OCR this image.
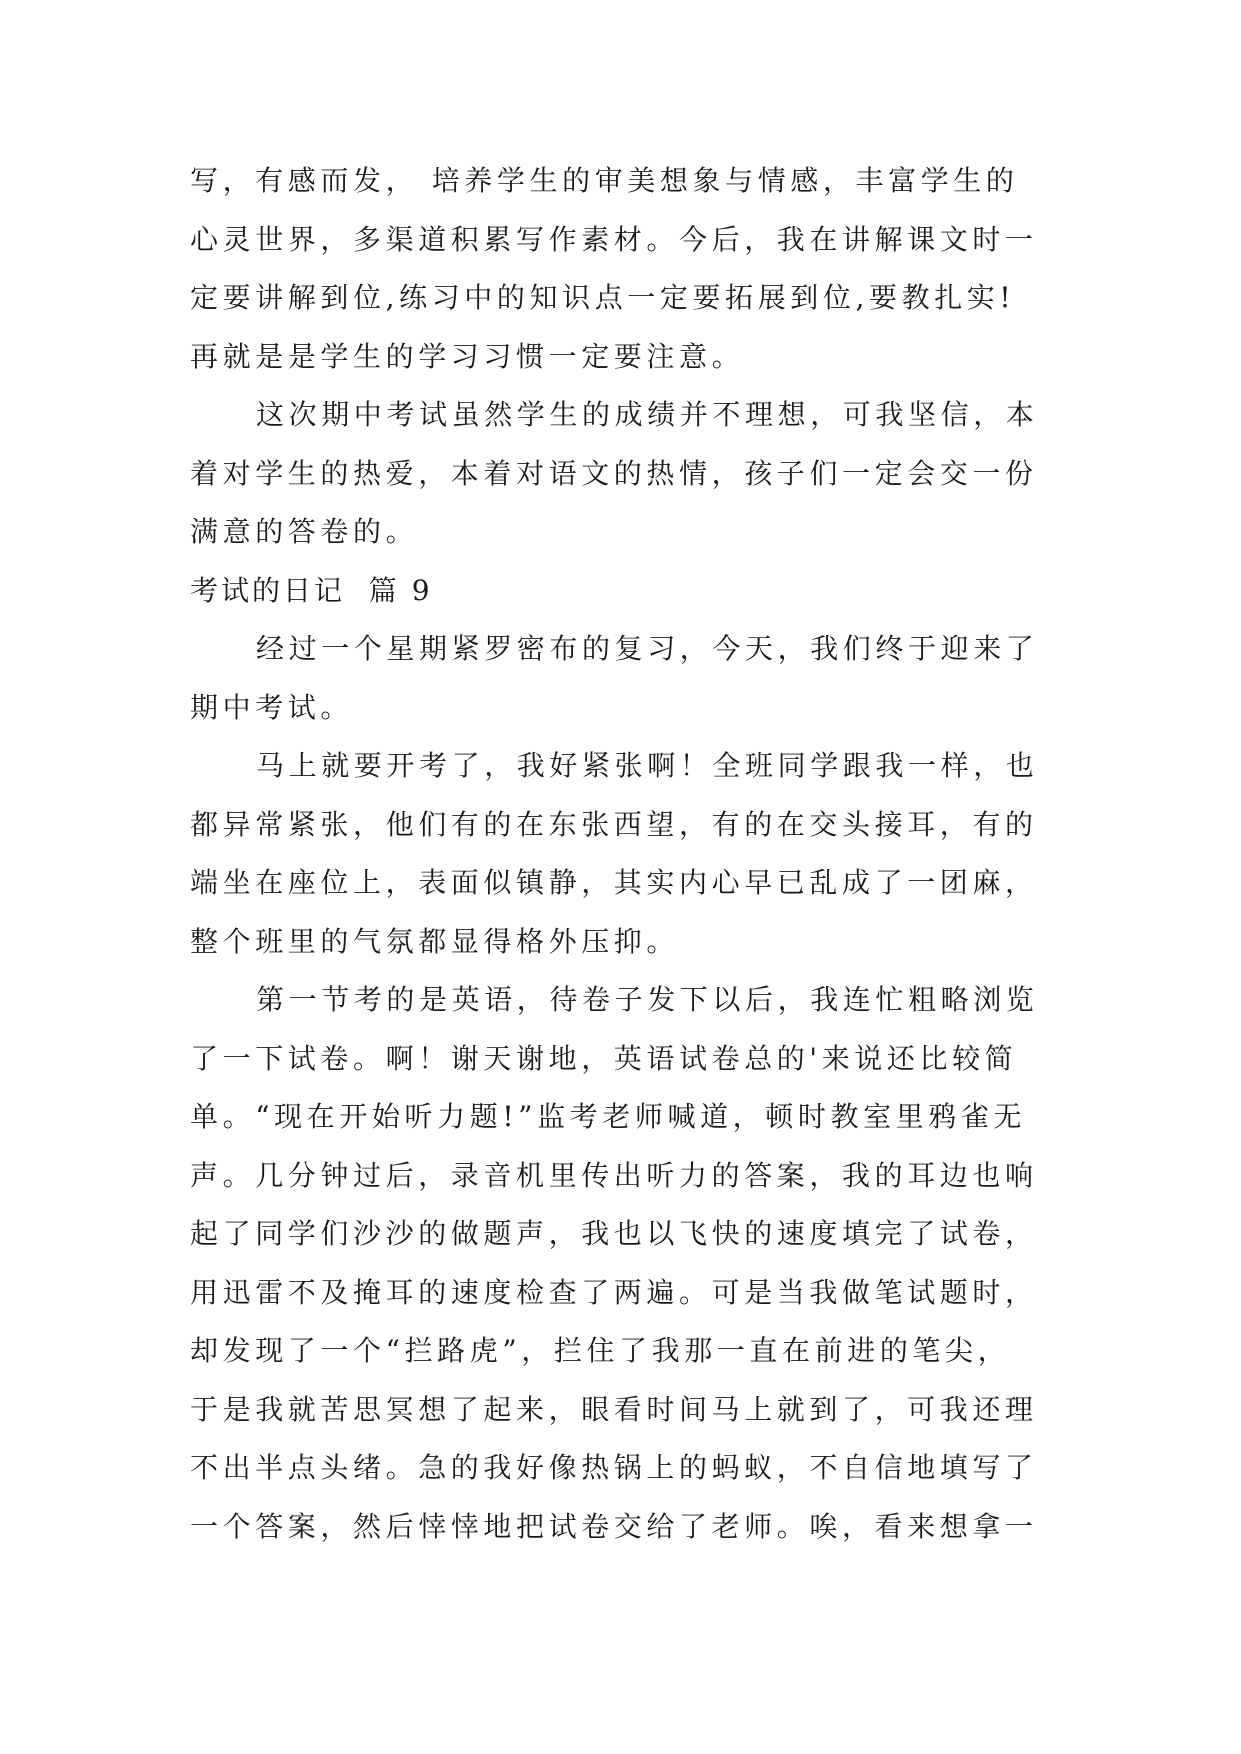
写，有感而发， 培养学生的审美想象与情感，丰富学生的
心灵世界，多渠道积累写作素材。今后，我在讲解课文时一
定要讲解到位,练习中的知识点一定要拓展到位,要教扎实!
再就是是学生的学习习惯一定要注意。
这次期中考试虽然学生的成绩并不理想，可我坚信，本
着对学生的热爱，本着对语文的热情，孩子们一定会交一份
满意的答卷的。
考试的日记  篇 9
经过一个星期紧罗密布的复习，今天，我们终于迎来了
期中考试。
马上就要开考了，我好紧张啊！全班同学跟我一样，也
都异常紧张，他们有的在东张西望，有的在交头接耳，有的
端坐在座位上，表面似镇静，其实内心早已乱成了一团麻，
整个班里的气氛都显得格外压抑。
第一节考的是英语，待卷子发下以后，我连忙粗略浏览
了一下试卷。啊！谢天谢地，英语试卷总的'来说还比较简
单。“现在开始听力题!”监考老师喊道，顿时教室里鸦雀无
声。几分钟过后，录音机里传出听力的答案，我的耳边也响
起了同学们沙沙的做题声，我也以飞快的速度填完了试卷，
用迅雷不及掩耳的速度检查了两遍。可是当我做笔试题时，
却发现了一个“拦路虎”，拦住了我那一直在前进的笔尖，
于是我就苦思冥想了起来，眼看时间马上就到了，可我还理
不出半点头绪。急的我好像热锅上的蚂蚁，不自信地填写了
一个答案，然后悻悻地把试卷交给了老师。唉，看来想拿一
